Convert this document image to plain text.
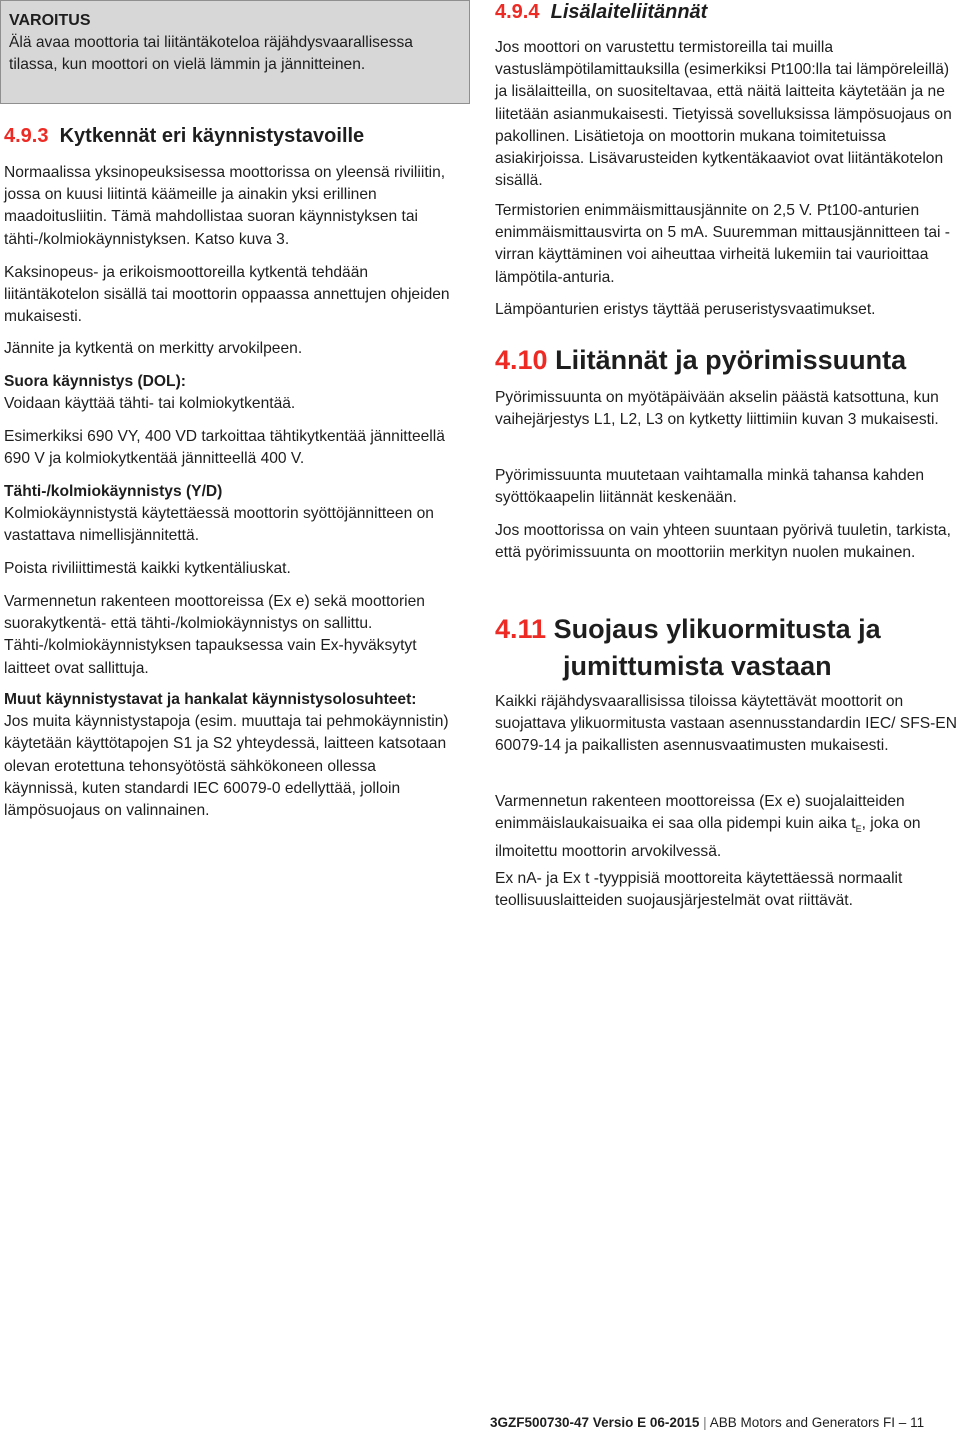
VAROITUS

Älä avaa moottoria tai liitäntäkoteloa räjähdysvaarallisessa tilassa, kun moottori on vielä lämmin ja jännitteinen.

4.9.3 Kytkennät eri käynnistystavoille

Normaalissa yksinopeuksisessa moottorissa on yleensä riviliitin, jossa on kuusi liitintä käämeille ja ainakin yksi erillinen maadoitusliitin. Tämä mahdollistaa suoran käynnistyksen tai tähti-/kolmiokäynnistyksen. Katso kuva 3.

Kaksinopeus- ja erikoismoottoreilla kytkentä tehdään liitäntäkotelon sisällä tai moottorin oppaassa annettujen ohjeiden mukaisesti.

Jännite ja kytkentä on merkitty arvokilpeen.

Suora käynnistys (DOL):

Voidaan käyttää tähti- tai kolmiokytkentää.

Esimerkiksi 690 VY, 400 VD tarkoittaa tähtikytkentää jännitteellä 690 V ja kolmiokytkentää jännitteellä 400 V.

Tähti-/kolmiokäynnistys (Y/D)

Kolmiokäynnistystä käytettäessä moottorin syöttöjännitteen on vastattava nimellisjännitettä.

Poista riviliittimestä kaikki kytkentäliuskat.

Varmennetun rakenteen moottoreissa (Ex e) sekä moottorien suorakytkentä- että tähti-/kolmiokäynnistys on sallittu. Tähti-/kolmiokäynnistyksen tapauksessa vain Ex-hyväksytyt laitteet ovat sallittuja.

Muut käynnistystavat ja hankalat käynnistysolosuhteet:

Jos muita käynnistystapoja (esim. muuttaja tai pehmokäynnistin) käytetään käyttötapojen S1 ja S2 yhteydessä, laitteen katsotaan olevan erotettuna tehonsyötöstä sähkökoneen ollessa käynnissä, kuten standardi IEC 60079-0 edellyttää, jolloin lämpösuojaus on valinnainen.

4.9.4 Lisälaiteliitännät

Jos moottori on varustettu termistoreilla tai muilla vastuslämpötilamittauksilla (esimerkiksi Pt100:lla tai lämpöreleillä) ja lisälaitteilla, on suositeltavaa, että näitä laitteita käytetään ja ne liitetään asianmukaisesti. Tietyissä sovelluksissa lämpösuojaus on pakollinen. Lisätietoja on moottorin mukana toimitetuissa asiakirjoissa. Lisävarusteiden kytkentäkaaviot ovat liitäntäkotelon sisällä.

Termistorien enimmäismittausjännite on 2,5 V. Pt100-anturien enimmäismittausvirta on 5 mA. Suuremman mittausjännitteen tai -virran käyttäminen voi aiheuttaa virheitä lukemiin tai vaurioittaa lämpötila-anturia.

Lämpöanturien eristys täyttää peruseristysvaatimukset.

4.10 Liitännät ja pyörimissuunta

Pyörimissuunta on myötäpäivään akselin päästä katsottuna, kun vaihejärjestys L1, L2, L3 on kytketty liittimiin kuvan 3 mukaisesti.

Pyörimissuunta muutetaan vaihtamalla minkä tahansa kahden syöttökaapelin liitännät keskenään.

Jos moottorissa on vain yhteen suuntaan pyörivä tuuletin, tarkista, että pyörimissuunta on moottoriin merkityn nuolen mukainen.

4.11 Suojaus ylikuormitusta ja

jumittumista vastaan

Kaikki räjähdysvaarallisissa tiloissa käytettävät moottorit on suojattava ylikuormitusta vastaan asennusstandardin IEC/ SFS-EN 60079-14 ja paikallisten asennusvaatimusten mukaisesti.

Varmennetun rakenteen moottoreissa (Ex e) suojalaitteiden enimmäislaukaisuaika ei saa olla pidempi kuin aika $t_E$, joka on ilmoitettu moottorin arvokilvessä.

Ex nA- ja Ex t -tyyppisiä moottoreita käytettäessä normaalit teollisuuslaitteiden suojausjärjestelmät ovat riittävät.

3GZF500730-47 Versio E 06-2015 | ABB Motors and Generators FI – 11
